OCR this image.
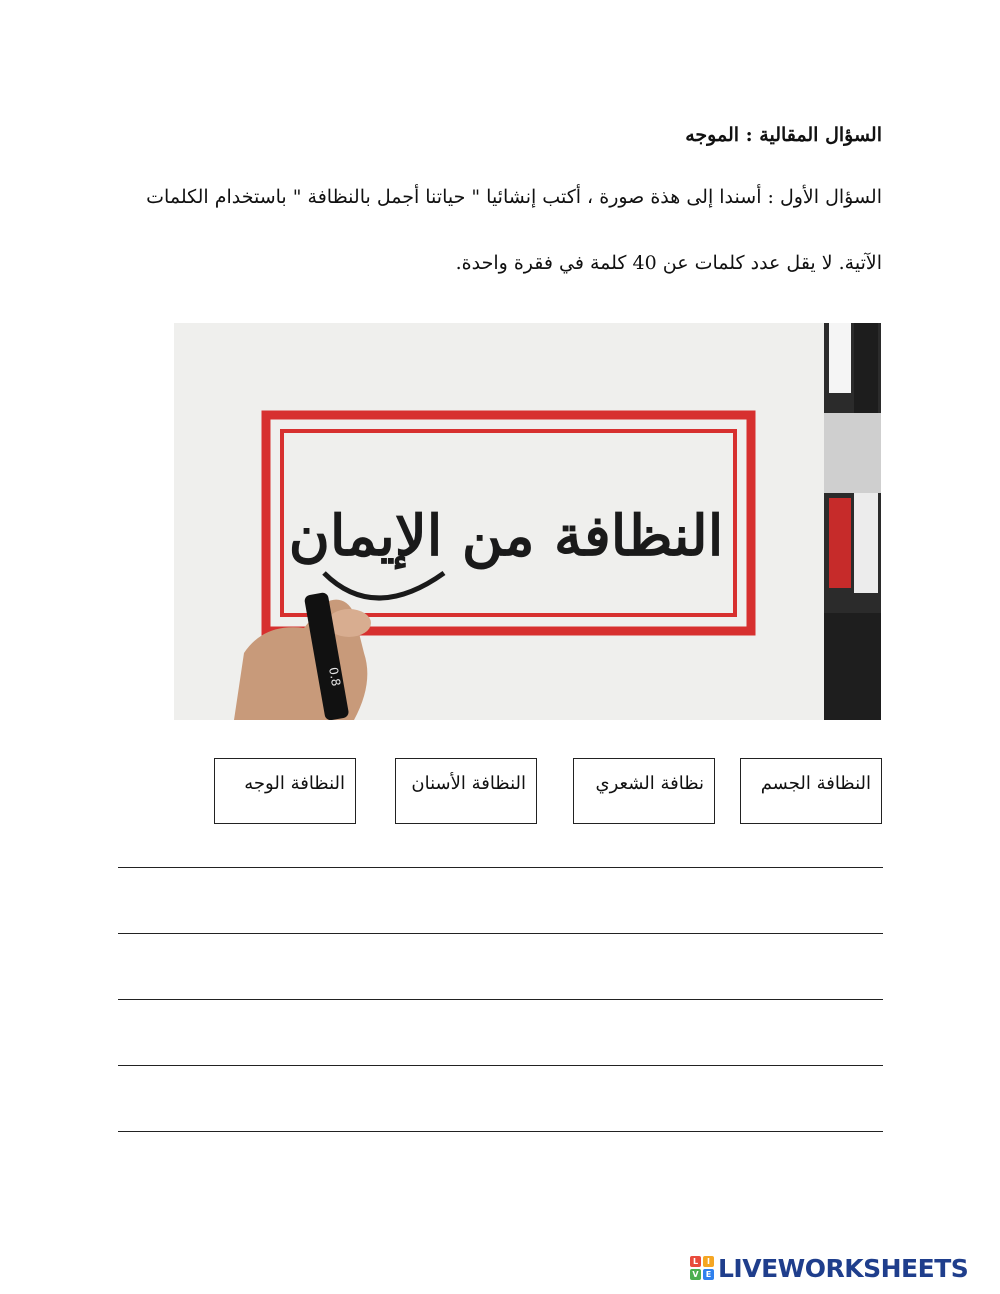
السؤال المقالية : الموجه
السؤال الأول : أسندا إلى هذة صورة ، أكتب إنشائيا " حياتنا أجمل بالنظافة " باستخدام الكلمات
الآتية. لا يقل عدد كلمات عن 40 كلمة في فقرة واحدة.
النظافة من الإيمان
0.8
النظافة الجسم
نظافة الشعري
النظافة الأسنان
النظافة الوجه
L	I
V E LIVEWORKSHEETS
